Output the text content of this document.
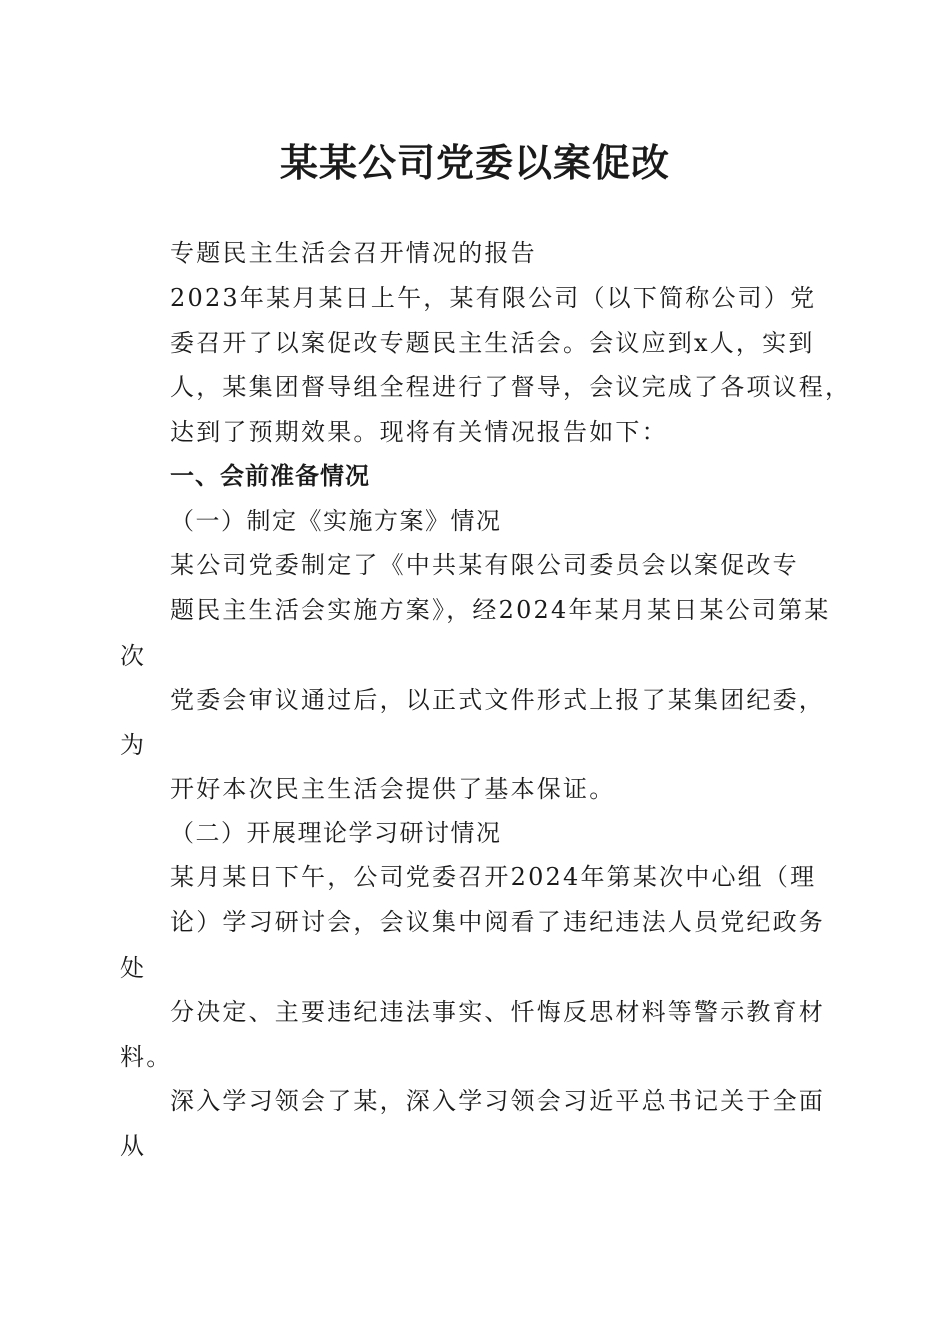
某某公司党委以案促改
专题民主生活会召开情况的报告
2023年某月某日上午，某有限公司（以下简称公司）党
委召开了以案促改专题民主生活会。会议应到x人，实到
人，某集团督导组全程进行了督导，会议完成了各项议程，
达到了预期效果。现将有关情况报告如下：
一、会前准备情况
（一）制定《实施方案》情况
某公司党委制定了《中共某有限公司委员会以案促改专
题民主生活会实施方案》，经2024年某月某日某公司第某
次
党委会审议通过后，以正式文件形式上报了某集团纪委，
为
开好本次民主生活会提供了基本保证。
（二）开展理论学习研讨情况
某月某日下午，公司党委召开2024年第某次中心组（理
论）学习研讨会，会议集中阅看了违纪违法人员党纪政务
处
分决定、主要违纪违法事实、忏悔反思材料等警示教育材
料。
深入学习领会了某，深入学习领会习近平总书记关于全面
从
